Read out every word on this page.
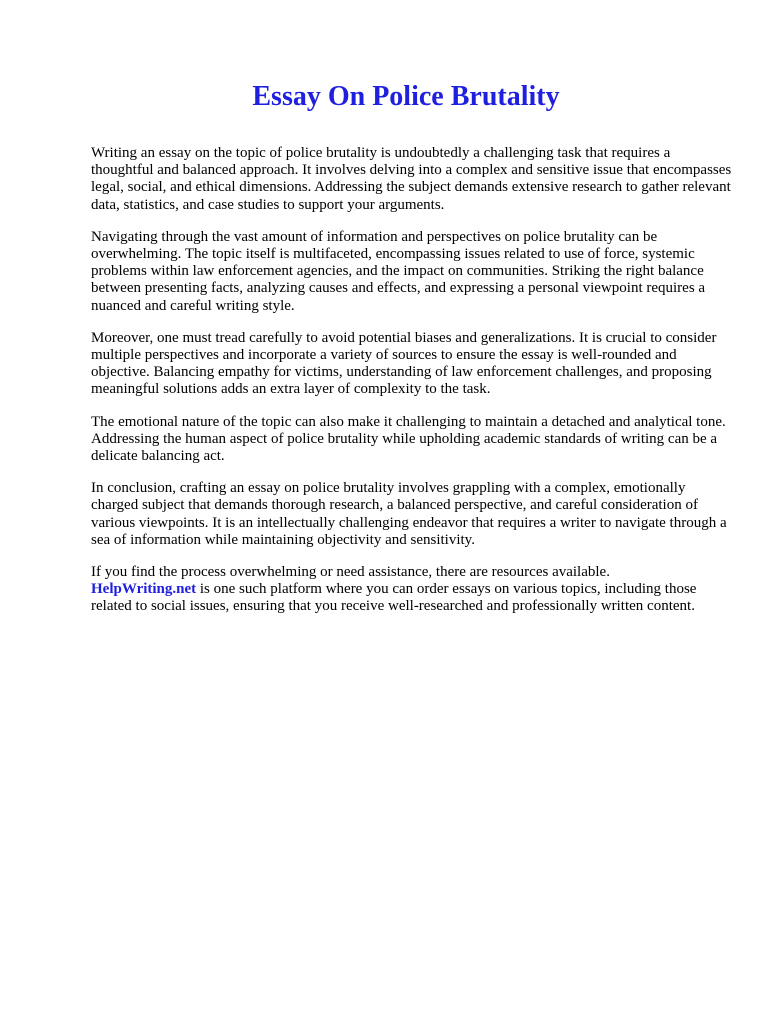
Essay On Police Brutality

Writing an essay on the topic of police brutality is undoubtedly a challenging task that requires a thoughtful and balanced approach. It involves delving into a complex and sensitive issue that encompasses legal, social, and ethical dimensions. Addressing the subject demands extensive research to gather relevant data, statistics, and case studies to support your arguments.

Navigating through the vast amount of information and perspectives on police brutality can be overwhelming. The topic itself is multifaceted, encompassing issues related to use of force, systemic problems within law enforcement agencies, and the impact on communities. Striking the right balance between presenting facts, analyzing causes and effects, and expressing a personal viewpoint requires a nuanced and careful writing style.

Moreover, one must tread carefully to avoid potential biases and generalizations. It is crucial to consider multiple perspectives and incorporate a variety of sources to ensure the essay is well-rounded and objective. Balancing empathy for victims, understanding of law enforcement challenges, and proposing meaningful solutions adds an extra layer of complexity to the task.

The emotional nature of the topic can also make it challenging to maintain a detached and analytical tone. Addressing the human aspect of police brutality while upholding academic standards of writing can be a delicate balancing act.

In conclusion, crafting an essay on police brutality involves grappling with a complex, emotionally charged subject that demands thorough research, a balanced perspective, and careful consideration of various viewpoints. It is an intellectually challenging endeavor that requires a writer to navigate through a sea of information while maintaining objectivity and sensitivity.

If you find the process overwhelming or need assistance, there are resources available.
HelpWriting.net is one such platform where you can order essays on various topics, including those related to social issues, ensuring that you receive well-researched and professionally written content.
